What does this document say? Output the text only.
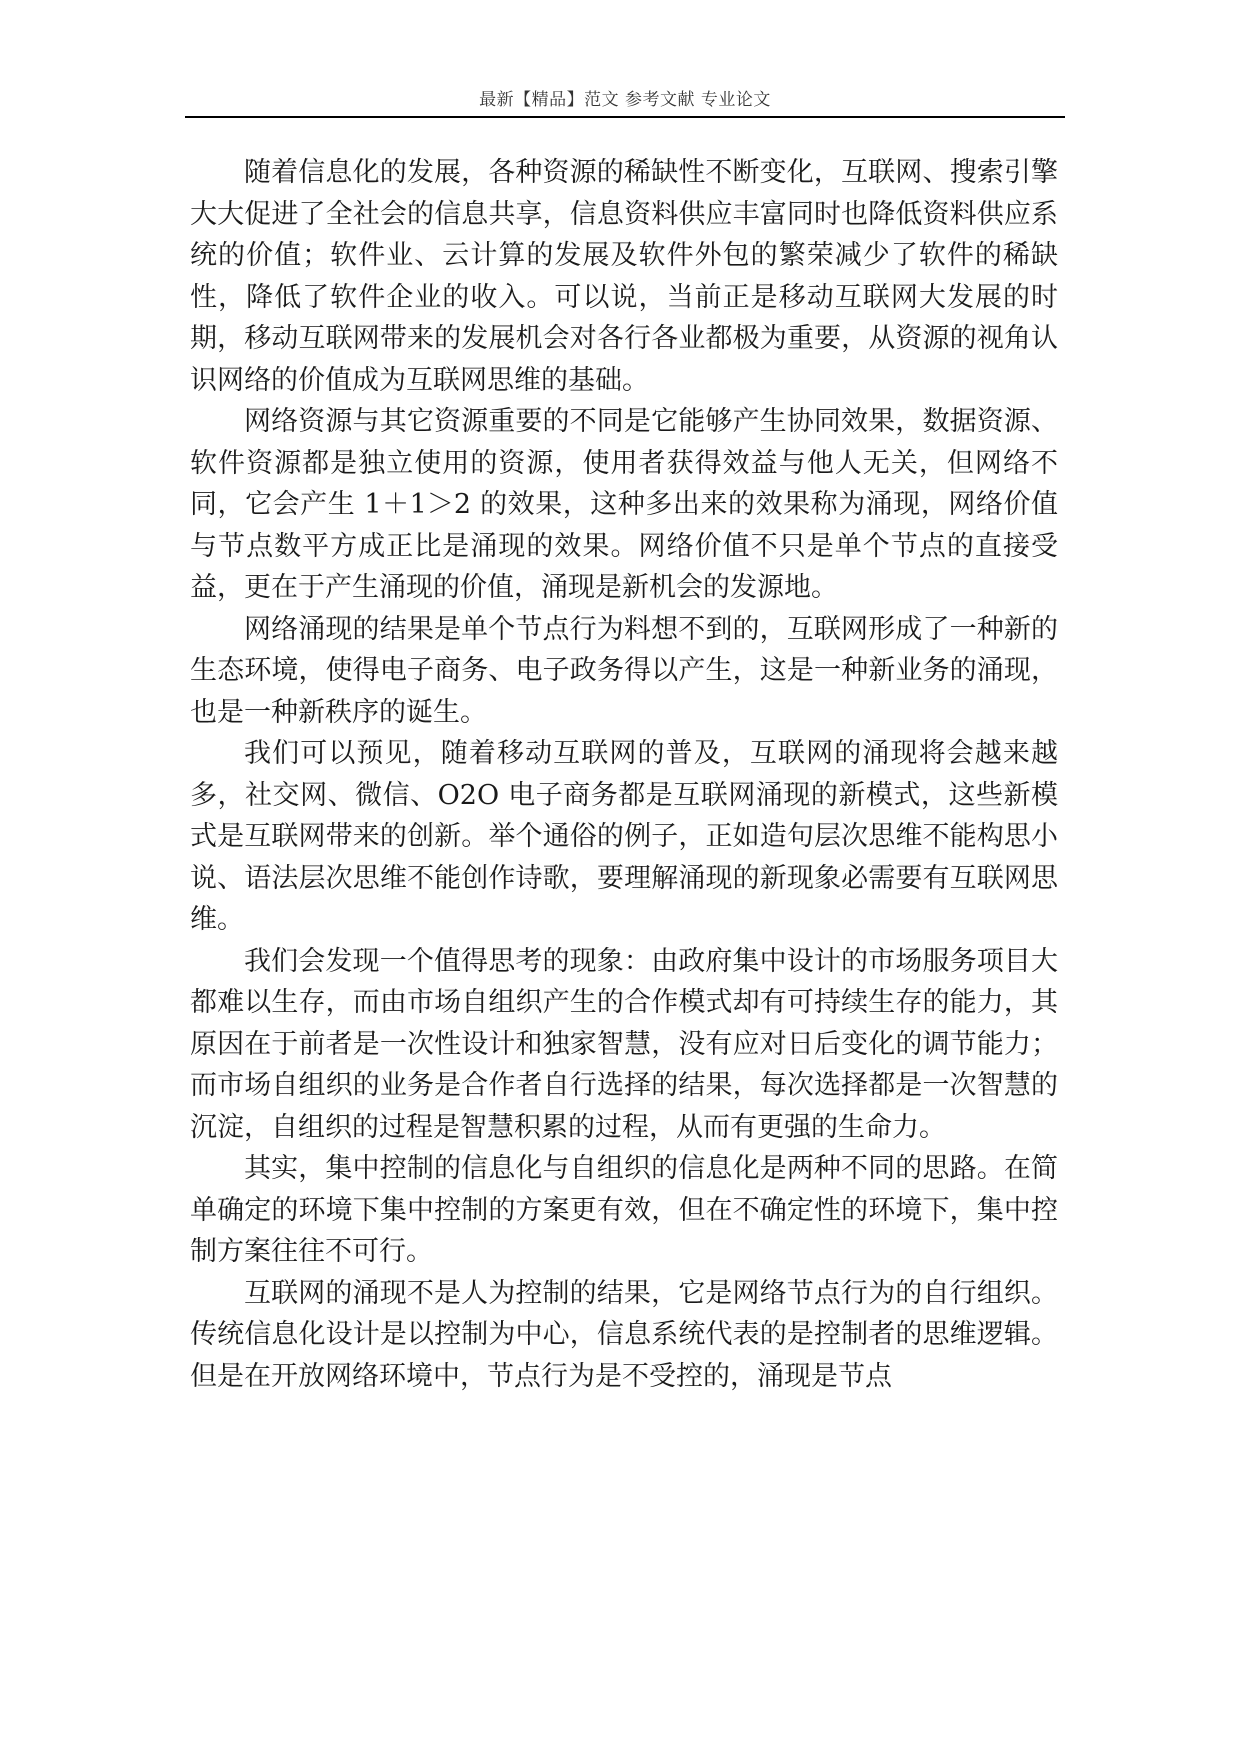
最新【精品】范文 参考文献 专业论文

随着信息化的发展，各种资源的稀缺性不断变化，互联网、搜索引擎大大促进了全社会的信息共享，信息资料供应丰富同时也降低资料供应系统的价值；软件业、云计算的发展及软件外包的繁荣减少了软件的稀缺性，降低了软件企业的收入。可以说，当前正是移动互联网大发展的时期，移动互联网带来的发展机会对各行各业都极为重要，从资源的视角认识网络的价值成为互联网思维的基础。

网络资源与其它资源重要的不同是它能够产生协同效果，数据资源、软件资源都是独立使用的资源，使用者获得效益与他人无关，但网络不同，它会产生 1＋1＞2 的效果，这种多出来的效果称为涌现，网络价值与节点数平方成正比是涌现的效果。网络价值不只是单个节点的直接受益，更在于产生涌现的价值，涌现是新机会的发源地。

网络涌现的结果是单个节点行为料想不到的，互联网形成了一种新的生态环境，使得电子商务、电子政务得以产生，这是一种新业务的涌现，也是一种新秩序的诞生。

我们可以预见，随着移动互联网的普及，互联网的涌现将会越来越多，社交网、微信、O2O 电子商务都是互联网涌现的新模式，这些新模式是互联网带来的创新。举个通俗的例子，正如造句层次思维不能构思小说、语法层次思维不能创作诗歌，要理解涌现的新现象必需要有互联网思维。

我们会发现一个值得思考的现象：由政府集中设计的市场服务项目大都难以生存，而由市场自组织产生的合作模式却有可持续生存的能力，其原因在于前者是一次性设计和独家智慧，没有应对日后变化的调节能力；而市场自组织的业务是合作者自行选择的结果，每次选择都是一次智慧的沉淀，自组织的过程是智慧积累的过程，从而有更强的生命力。

其实，集中控制的信息化与自组织的信息化是两种不同的思路。在简单确定的环境下集中控制的方案更有效，但在不确定性的环境下，集中控制方案往往不可行。

互联网的涌现不是人为控制的结果，它是网络节点行为的自行组织。传统信息化设计是以控制为中心，信息系统代表的是控制者的思维逻辑。但是在开放网络环境中，节点行为是不受控的，涌现是节点
